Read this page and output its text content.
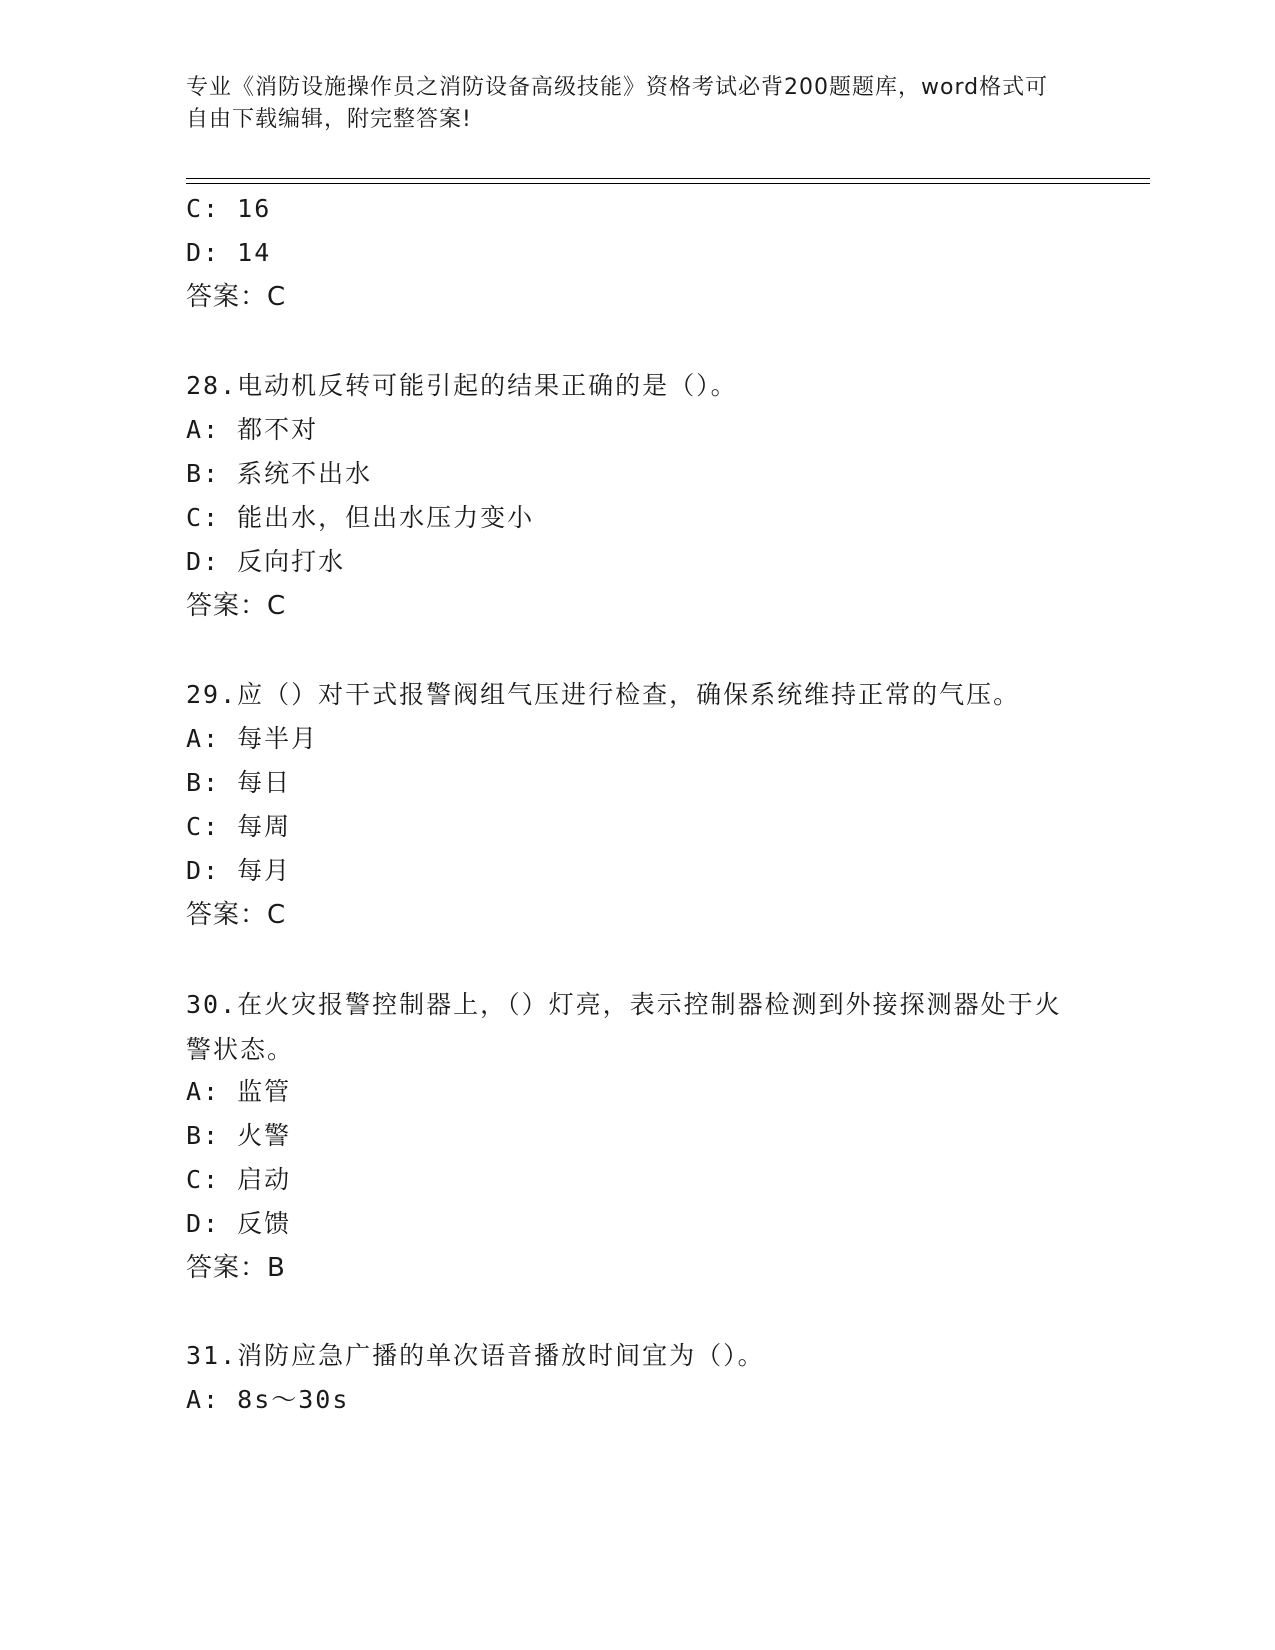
专业《消防设施操作员之消防设备高级技能》资格考试必背200题题库，word格式可自由下载编辑，附完整答案!
C: 16
D: 14
答案：C
28.电动机反转可能引起的结果正确的是（）。
A: 都不对
B: 系统不出水
C: 能出水，但出水压力变小
D: 反向打水
答案：C
29.应（）对干式报警阀组气压进行检查，确保系统维持正常的气压。
A: 每半月
B: 每日
C: 每周
D: 每月
答案：C
30.在火灾报警控制器上，（）灯亮，表示控制器检测到外接探测器处于火警状态。
A: 监管
B: 火警
C: 启动
D: 反馈
答案：B
31.消防应急广播的单次语音播放时间宜为（）。
A: 8s～30s
